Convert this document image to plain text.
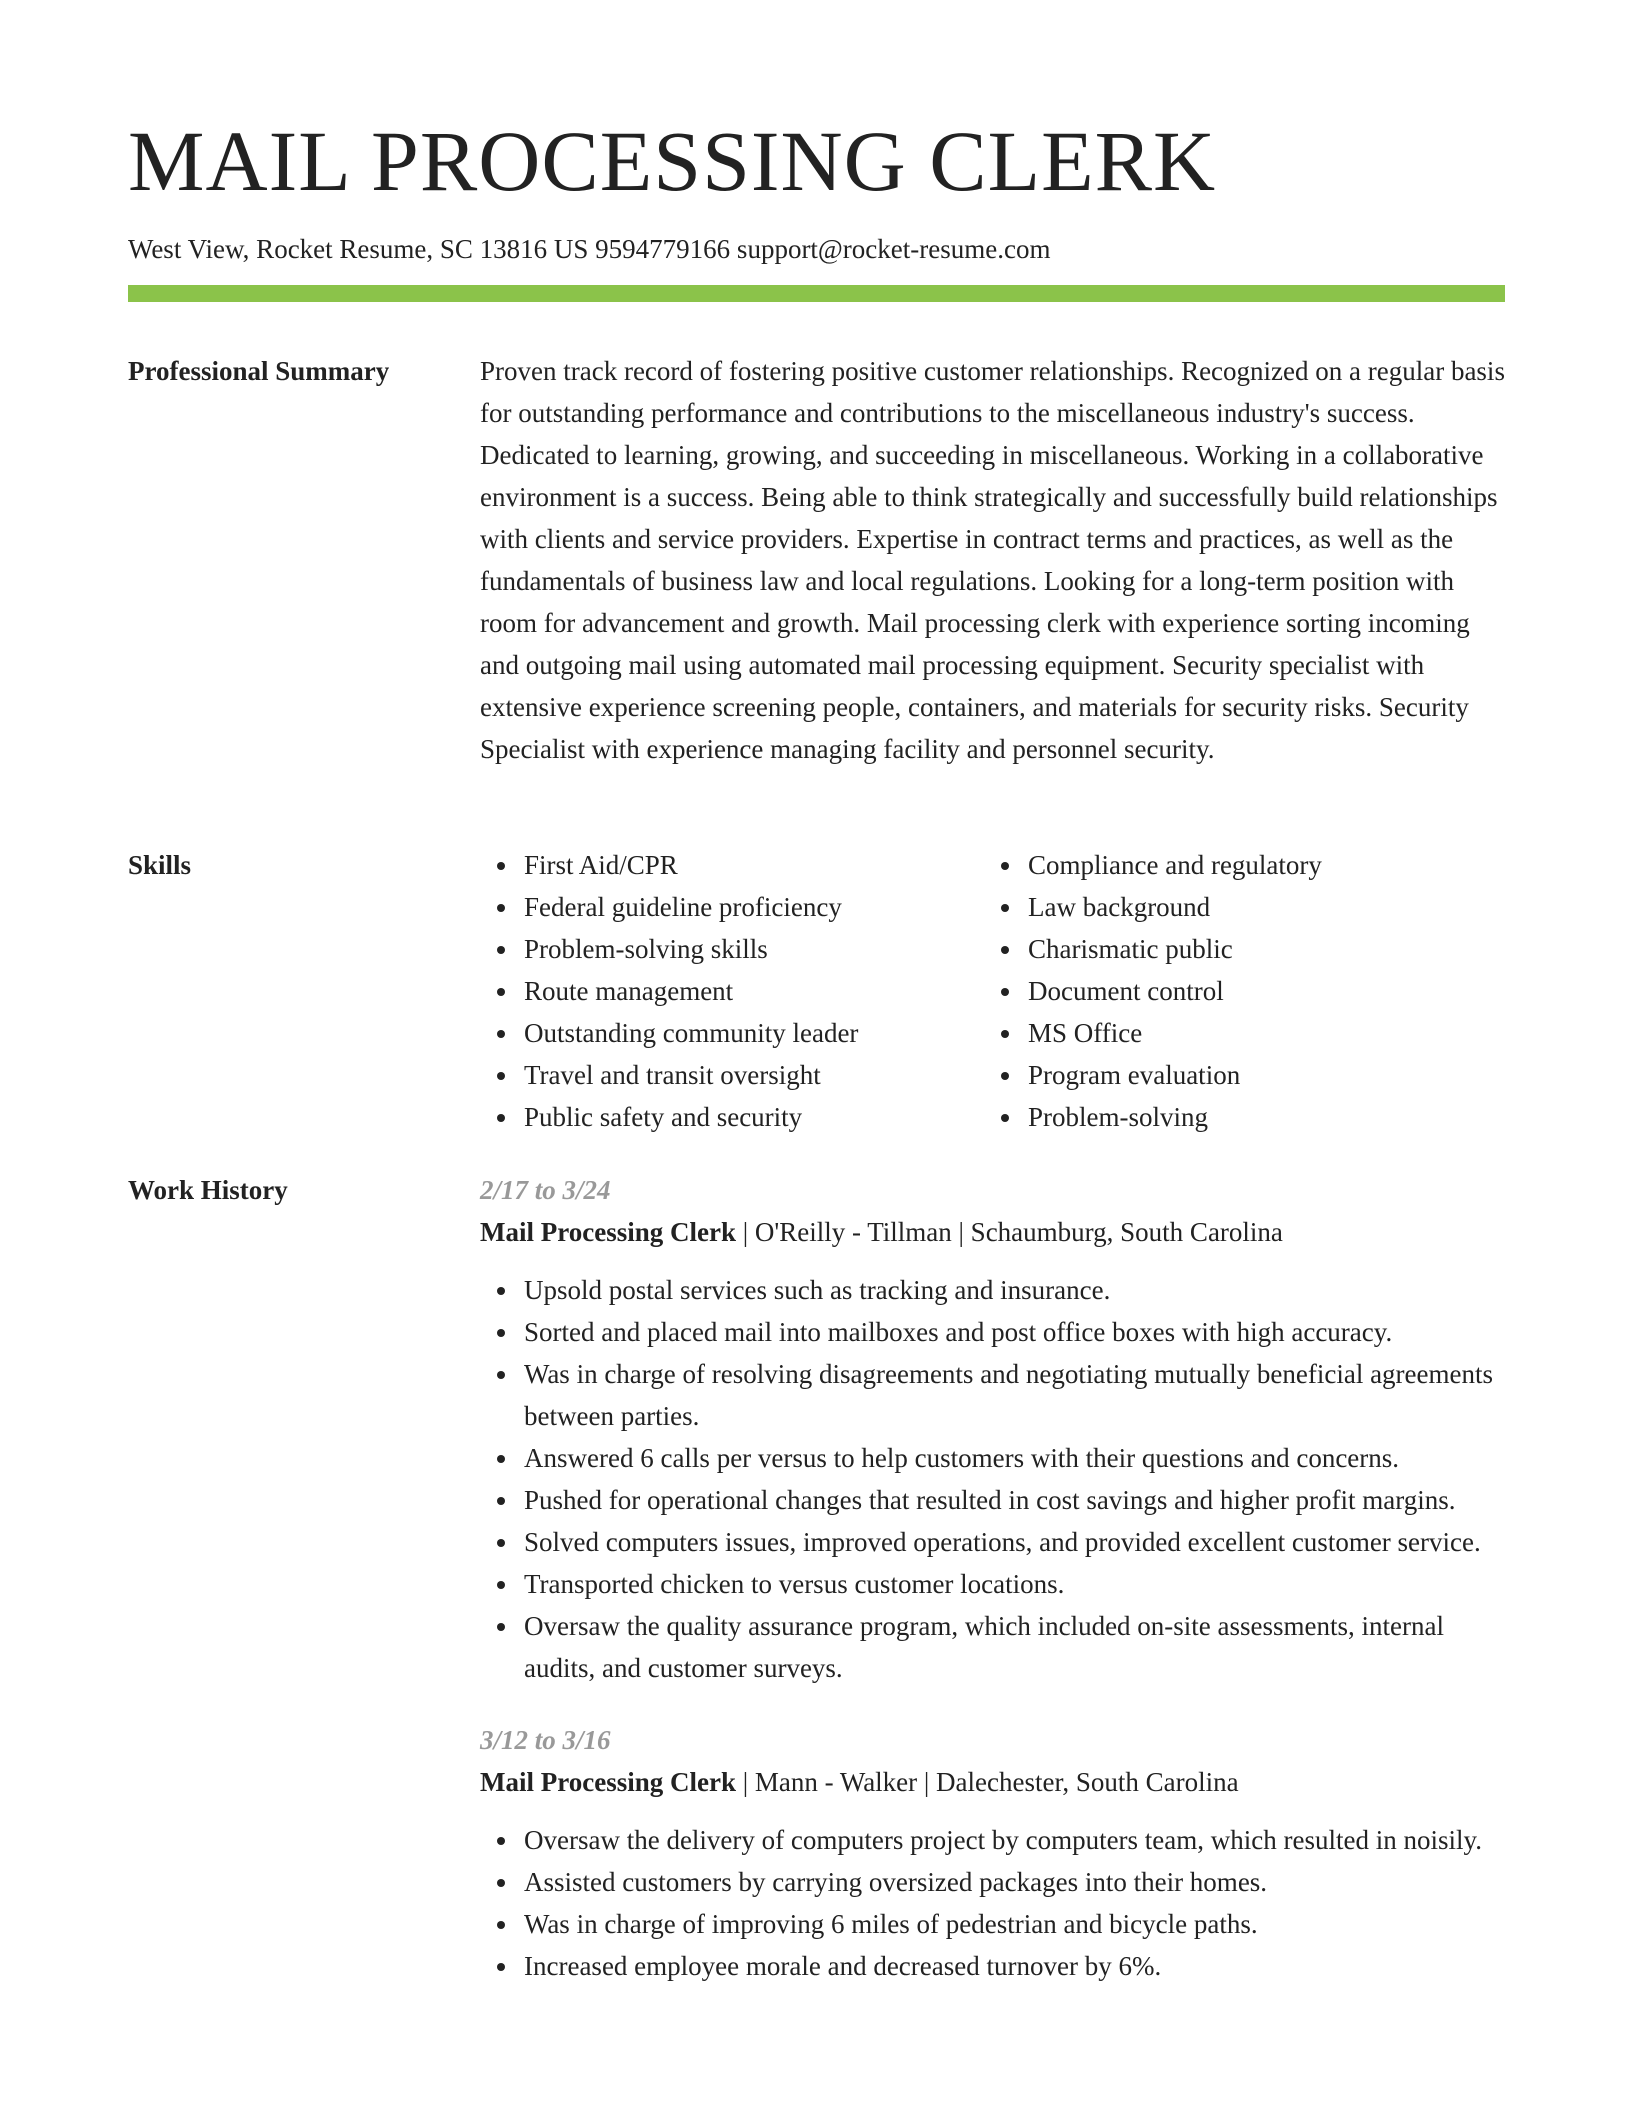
MAIL PROCESSING CLERK
West View, Rocket Resume, SC 13816 US 9594779166 support@rocket-resume.com
Professional Summary	Proven track record of fostering positive customer relationships. Recognized on a regular basis for outstanding performance and contributions to the miscellaneous industry's success. Dedicated to learning, growing, and succeeding in miscellaneous. Working in a collaborative environment is a success. Being able to think strategically and successfully build relationships with clients and service providers. Expertise in contract terms and practices, as well as the fundamentals of business law and local regulations. Looking for a long-term position with room for advancement and growth. Mail processing clerk with experience sorting incoming and outgoing mail using automated mail processing equipment. Security specialist with extensive experience screening people, containers, and materials for security risks. Security Specialist with experience managing facility and personnel security.

Skills	First Aid/CPR
Federal guideline proficiency
Problem-solving skills
Route management
Outstanding community leader
Travel and transit oversight
Public safety and security
Compliance and regulatory
Law background
Charismatic public
Document control
MS Office
Program evaluation
Problem-solving
Work History	2/17 to 3/24
Mail Processing Clerk | O'Reilly - Tillman | Schaumburg, South Carolina
Upsold postal services such as tracking and insurance.
Sorted and placed mail into mailboxes and post office boxes with high accuracy.
Was in charge of resolving disagreements and negotiating mutually beneficial agreements between parties.
Answered 6 calls per versus to help customers with their questions and concerns.
Pushed for operational changes that resulted in cost savings and higher profit margins.
Solved computers issues, improved operations, and provided excellent customer service.
Transported chicken to versus customer locations.
Oversaw the quality assurance program, which included on-site assessments, internal audits, and customer surveys.
3/12 to 3/16
Mail Processing Clerk | Mann - Walker | Dalechester, South Carolina
Oversaw the delivery of computers project by computers team, which resulted in noisily.
Assisted customers by carrying oversized packages into their homes.
Was in charge of improving 6 miles of pedestrian and bicycle paths.
Increased employee morale and decreased turnover by 6%.
